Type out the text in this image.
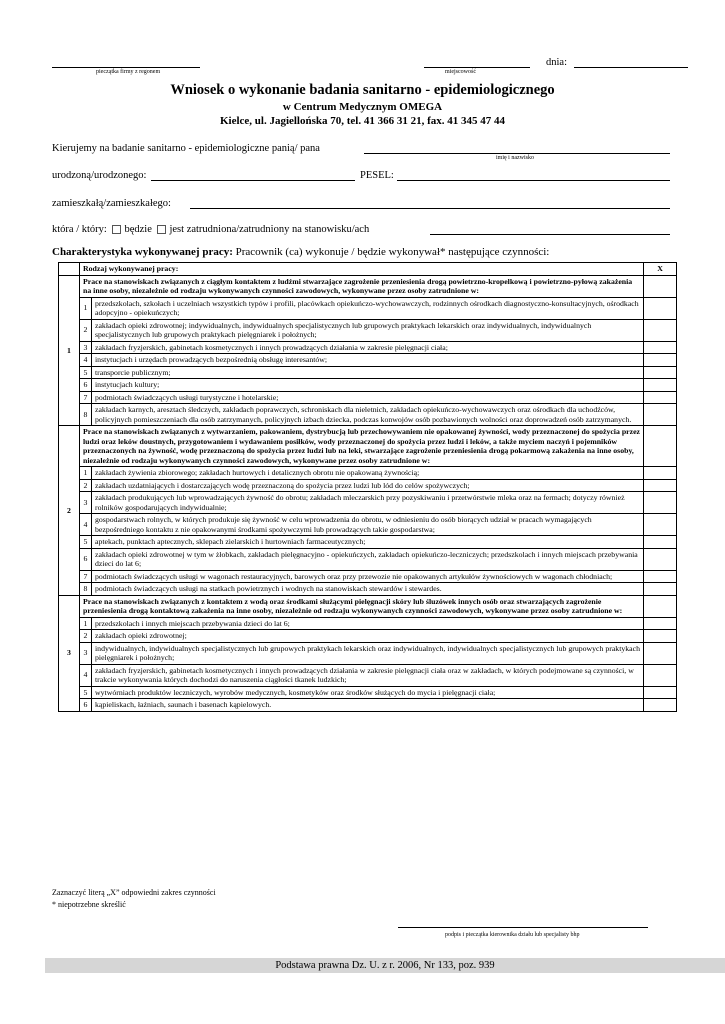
pieczątka firmy z regonem	miejscowość
dnia:
Wniosek o wykonanie badania sanitarno - epidemiologicznego
w Centrum Medycznym OMEGA
Kielce, ul. Jagiellońska 70, tel. 41 366 31 21, fax. 41 345 47 44
Kierujemy na badanie sanitarno - epidemiologiczne panią/ pana
imię i nazwisko
urodzoną/urodzonego:	PESEL:
zamieszkałą/zamieszkałego:
która / który: będzie jest zatrudniona/zatrudniony na stanowisku/ach
Charakterystyka wykonywanej pracy: Pracownik (ca) wykonuje / będzie wykonywał* następujące czynności:
	Rodzaj wykonywanej pracy:		X
1	Prace na stanowiskach związanych z ciągłym kontaktem z ludźmi stwarzające zagrożenie przeniesienia drogą powietrzno-kropelkową i powietrzno-pyłową zakażenia na inne osoby, niezależnie od rodzaju wykonywanych czynności zawodowych, wykonywane przez osoby zatrudnione w:		
	1	przedszkolach, szkołach i uczelniach wszystkich typów i profili, placówkach opiekuńczo-wychowawczych, rodzinnych ośrodkach diagnostyczno-konsultacyjnych, ośrodkach adopcyjno - opiekuńczych;	
	2	zakładach opieki zdrowotnej; indywidualnych, indywidualnych specjalistycznych lub grupowych praktykach lekarskich oraz indywidualnych, indywidualnych specjalistycznych lub grupowych praktykach pielęgniarek i położnych;	
	3	zakładach fryzjerskich, gabinetach kosmetycznych i innych prowadzących działania w zakresie pielęgnacji ciała;	
	4	instytucjach i urzędach prowadzących bezpośrednią obsługę interesantów;	
	5	transporcie publicznym;	
	6	instytucjach kultury;	
	7	podmiotach świadczących usługi turystyczne i hotelarskie;	
	8	zakładach karnych, aresztach śledczych, zakładach poprawczych, schroniskach dla nieletnich, zakładach opiekuńczo-wychowawczych oraz ośrodkach dla uchodźców, policyjnych pomieszczeniach dla osób zatrzymanych, policyjnych izbach dziecka, podczas konwojów osób pozbawionych wolności oraz doprowadzeń osób zatrzymanych.	
2	Prace na stanowiskach związanych z wytwarzaniem, pakowaniem, dystrybucją lub przechowywaniem nie opakowanej żywności, wody przeznaczonej do spożycia przez ludzi oraz leków doustnych, przygotowaniem i wydawaniem posiłków, wody przeznaczonej do spożycia przez ludzi i leków, a także myciem naczyń i pojemników przeznaczonych na żywność, wodę przeznaczoną do spożycia przez ludzi lub na leki, stwarzające zagrożenie przeniesienia drogą pokarmową zakażenia na inne osoby, niezależnie od rodzaju wykonywanych czynności zawodowych, wykonywane przez osoby zatrudnione w:		
	1	zakładach żywienia zbiorowego; zakładach hurtowych i detalicznych obrotu nie opakowaną żywnością;	
	2	zakładach uzdatniających i dostarczających wodę przeznaczoną do spożycia przez ludzi lub lód do celów spożywczych;	
	3	zakładach produkujących lub wprowadzających żywność do obrotu; zakładach mleczarskich przy pozyskiwaniu i przetwórstwie mleka oraz na fermach; dotyczy również rolników gospodarujących indywidualnie;	
	4	gospodarstwach rolnych, w których produkuje się żywność w celu wprowadzenia do obrotu, w odniesieniu do osób biorących udział w pracach wymagających bezpośredniego kontaktu z nie opakowanymi środkami spożywczymi lub prowadzących takie gospodarstwa;	
	5	aptekach, punktach aptecznych, sklepach zielarskich i hurtowniach farmaceutycznych;	
	6	zakładach opieki zdrowotnej w tym w żłobkach, zakładach pielęgnacyjno - opiekuńczych, zakładach opiekuńczo-leczniczych; przedszkolach i innych miejscach przebywania dzieci do lat 6;	
	7	podmiotach świadczących usługi w wagonach restauracyjnych, barowych oraz przy przewozie nie opakowanych artykułów żywnościowych w wagonach chłodniach;	
	8	podmiotach świadczących usługi na statkach powietrznych i wodnych na stanowiskach stewardów i stewardes.	
3	Prace na stanowiskach związanych z kontaktem z wodą oraz środkami służącymi pielęgnacji skóry lub śluzówek innych osób oraz stwarzających zagrożenie przeniesienia drogą kontaktową zakażenia na inne osoby, niezależnie od rodzaju wykonywanych czynności zawodowych, wykonywane przez osoby zatrudnione w:		
	1	przedszkolach i innych miejscach przebywania dzieci do lat 6;	
	2	zakładach opieki zdrowotnej;	
	3	indywidualnych, indywidualnych specjalistycznych lub grupowych praktykach lekarskich oraz indywidualnych, indywidualnych specjalistycznych lub grupowych praktykach pielęgniarek i położnych;	
	4	zakładach fryzjerskich, gabinetach kosmetycznych i innych prowadzących działania w zakresie pielęgnacji ciała oraz w zakładach, w których podejmowane są czynności, w trakcie wykonywania których dochodzi do naruszenia ciągłości tkanek ludzkich;	
	5	wytwórniach produktów leczniczych, wyrobów medycznych, kosmetyków oraz środków służących do mycia i pielęgnacji ciała;	
	6	kąpieliskach, łaźniach, saunach i basenach kąpielowych.	
Zaznaczyć literą „X” odpowiedni zakres czynności
* niepotrzebne skreślić
podpis i pieczątka kierownika działu lub specjalisty bhp
Podstawa prawna Dz. U. z r. 2006, Nr 133, poz. 939
